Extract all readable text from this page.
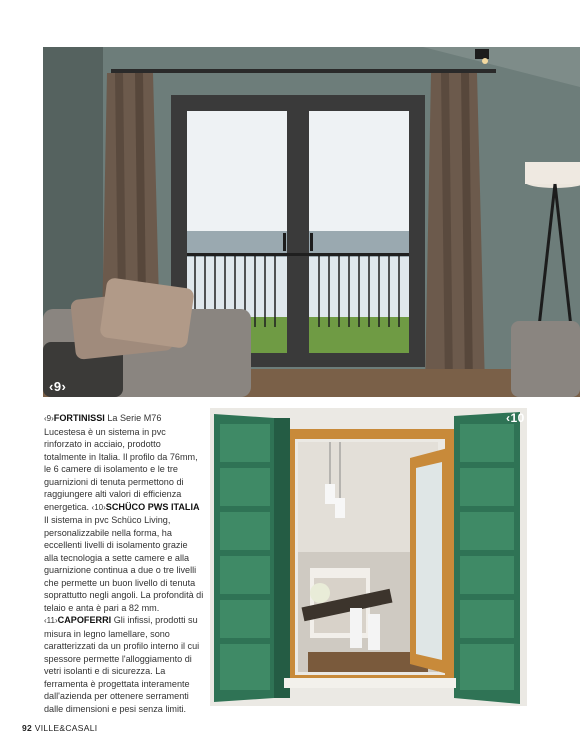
‹9›
‹10
‹9›FORTINISSI La Serie M76 Lucestesa è un sistema in pvc rinforzato in acciaio, prodotto totalmente in Italia. Il profilo da 76mm, le 6 camere di isolamento e le tre guarnizioni di tenuta permettono di raggiungere alti valori di efficienza energetica. ‹10›SCHÜCO PWS ITALIA Il sistema in pvc Schüco Living, personalizzabile nella forma, ha eccellenti livelli di isolamento grazie alla tecnologia a sette camere e alla guarnizione continua a due o tre livelli che permette un buon livello di tenuta soprattutto negli angoli. La profondità di telaio e anta è pari a 82 mm. ‹11›CAPOFERRI Gli infissi, prodotti su misura in legno lamellare, sono caratterizzati da un profilo interno il cui spessore permette l'alloggiamento di vetri isolanti e di sicurezza. La ferramenta è progettata interamente dall'azienda per ottenere serramenti dalle dimensioni e pesi senza limiti.
92 VILLE&CASALI
